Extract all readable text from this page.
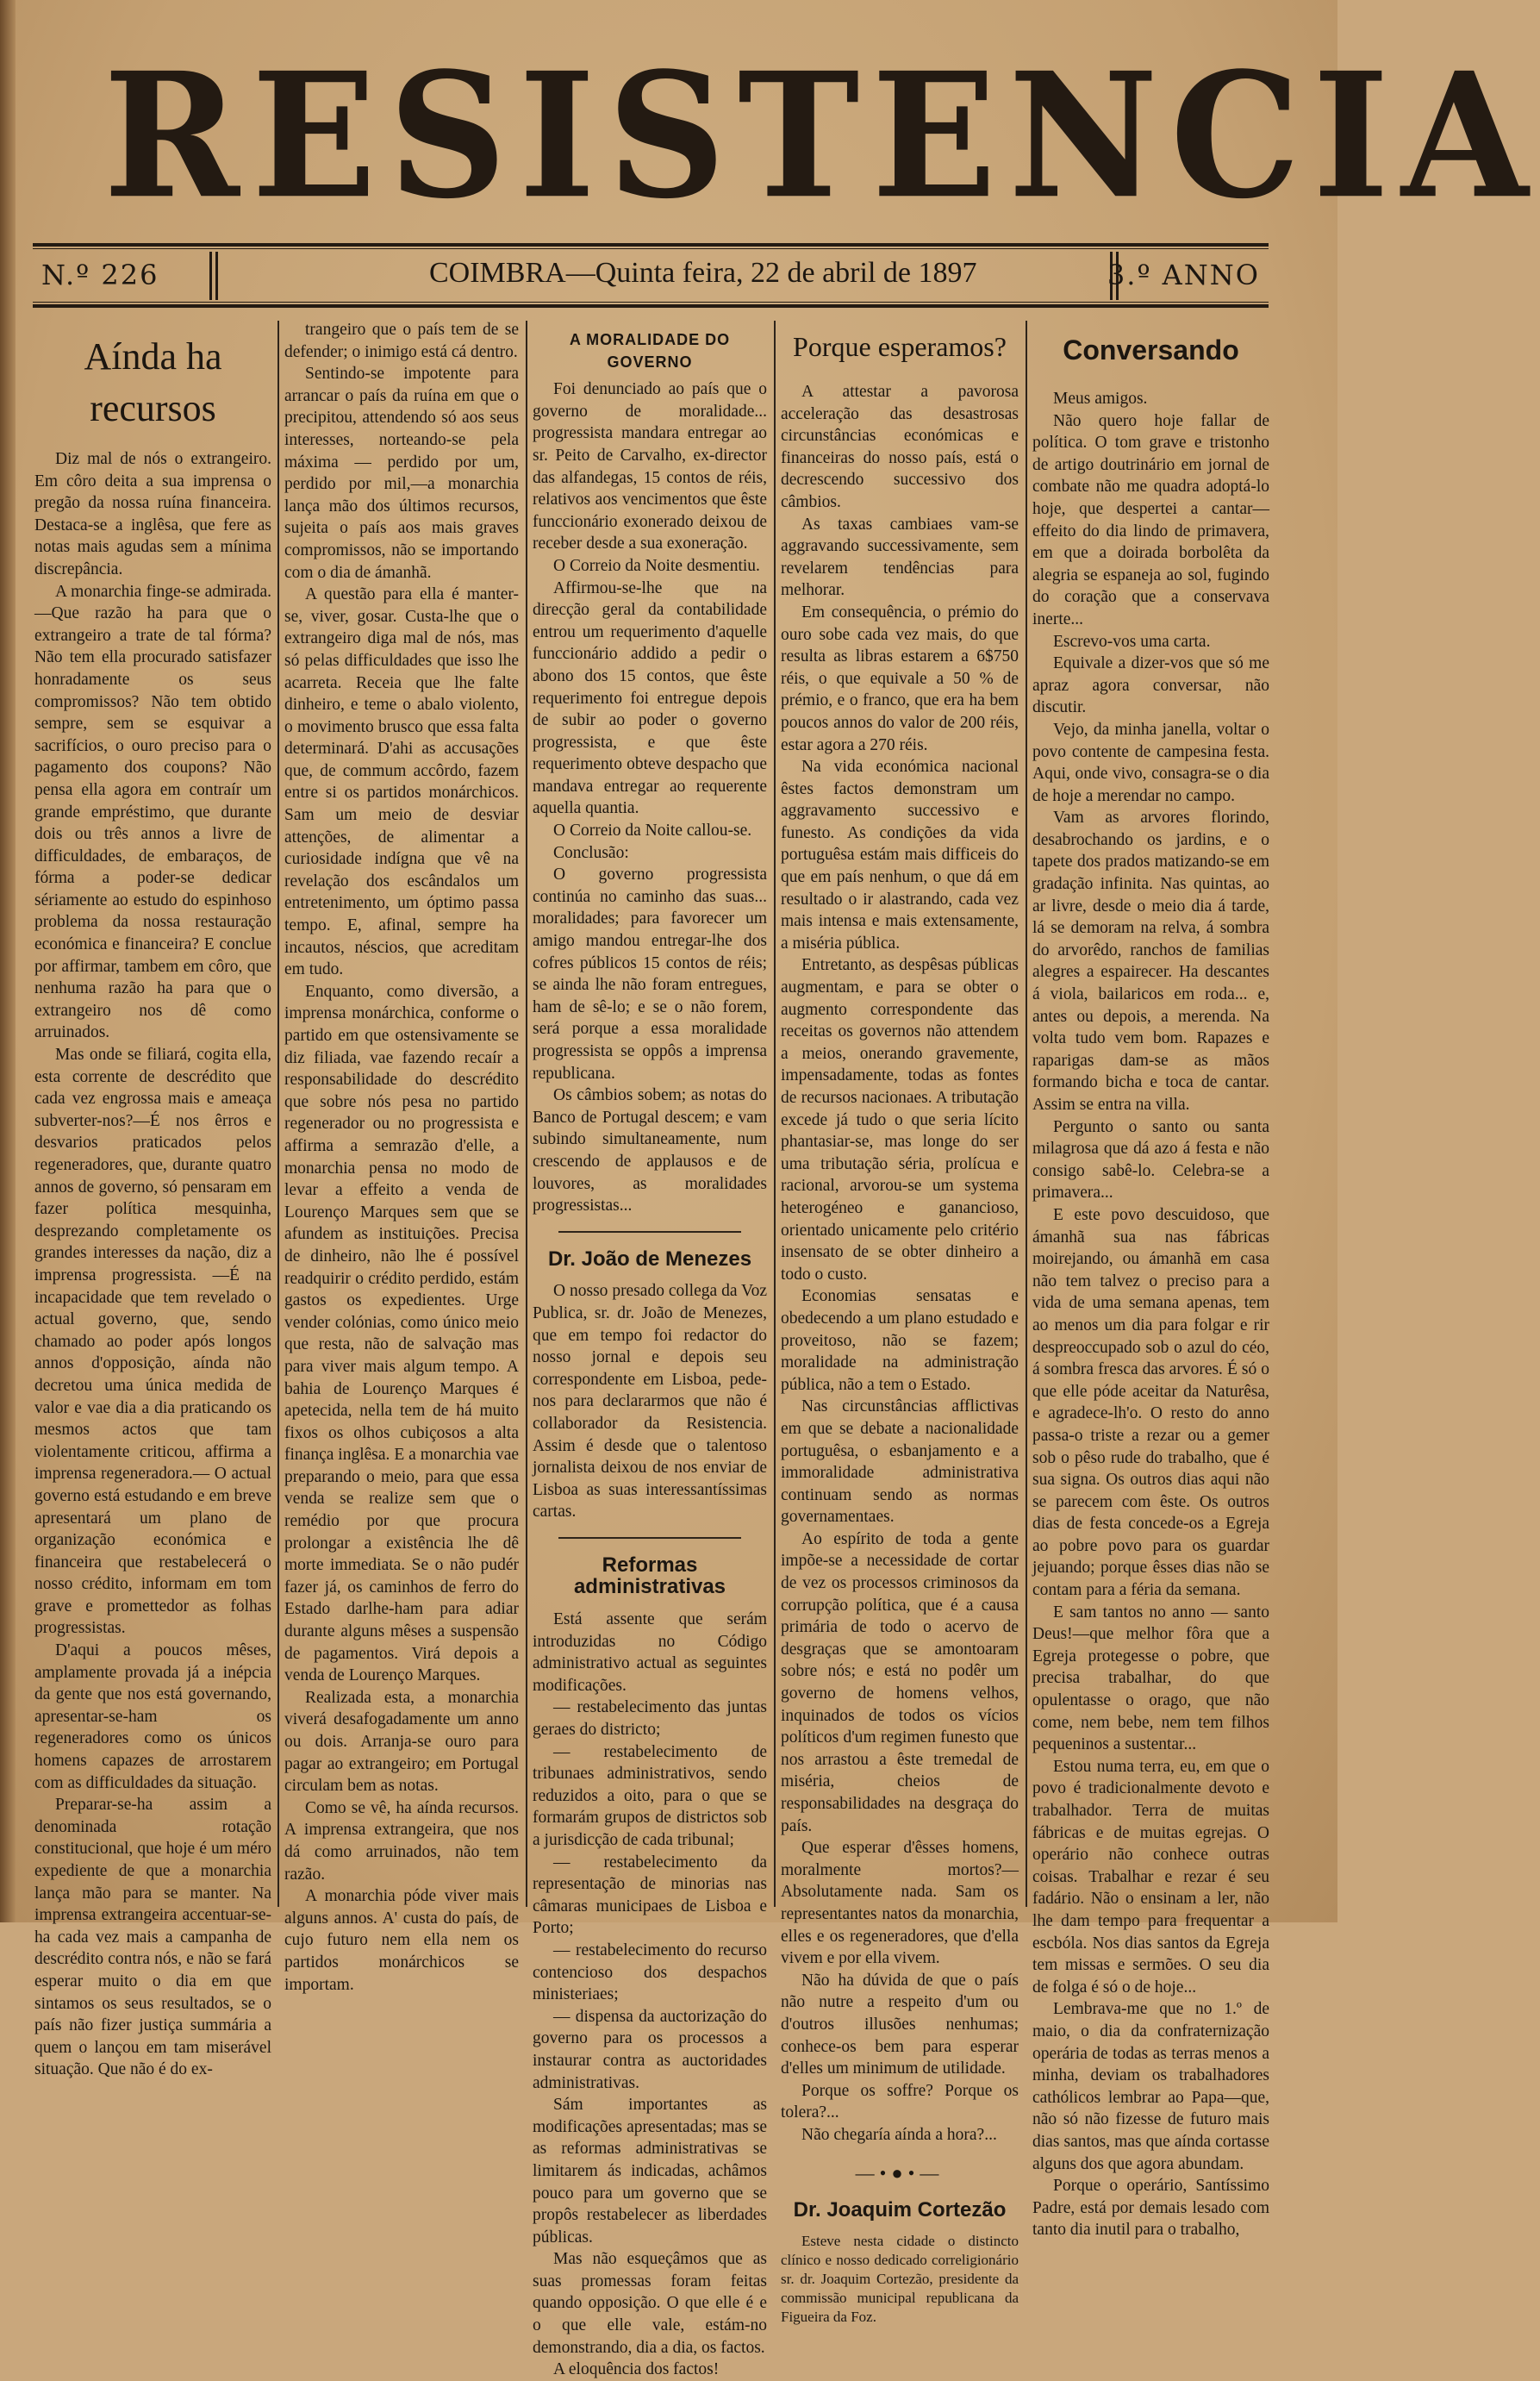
RESISTENCIA
N.º 226	COIMBRA—Quinta feira, 22 de abril de 1897	3.º ANNO
Aínda ha recursos

Diz mal de nós o extrangeiro. Em côro deita a sua imprensa o pregão da nossa ruína financeira. Destaca-se a inglêsa, que fere as notas mais agudas sem a mínima discrepância.

A monarchia finge-se admirada. —Que razão ha para que o extrangeiro a trate de tal fórma? Não tem ella procurado satisfazer honradamente os seus compromissos? Não tem obtido sempre, sem se esquivar a sacrifícios, o ouro preciso para o pagamento dos coupons? Não pensa ella agora em contraír um grande empréstimo, que durante dois ou três annos a livre de difficuldades, de embaraços, de fórma a poder-se dedicar sériamente ao estudo do espinhoso problema da nossa restauração económica e financeira? E conclue por affirmar, tambem em côro, que nenhuma razão ha para que o extrangeiro nos dê como arruinados.

Mas onde se filiará, cogita ella, esta corrente de descrédito que cada vez engrossa mais e ameaça subverter-nos?—É nos êrros e desvarios praticados pelos regeneradores, que, durante quatro annos de governo, só pensaram em fazer política mesquinha, desprezando completamente os grandes interesses da nação, diz a imprensa progressista. —É na incapacidade que tem revelado o actual governo, que, sendo chamado ao poder após longos annos d'opposição, aínda não decretou uma única medida de valor e vae dia a dia praticando os mesmos actos que tam violentamente criticou, affirma a imprensa regeneradora.— O actual governo está estudando e em breve apresentará um plano de organização económica e financeira que restabelecerá o nosso crédito, informam em tom grave e promettedor as folhas progressistas.

D'aqui a poucos mêses, amplamente provada já a inépcia da gente que nos está governando, apresentar-se-ham os regeneradores como os únicos homens capazes de arrostarem com as difficuldades da situação.

Preparar-se-ha assim a denominada rotação constitucional, que hoje é um méro expediente de que a monarchia lança mão para se manter. Na imprensa extrangeira accentuar-se-ha cada vez mais a campanha de descrédito contra nós, e não se fará esperar muito o dia em que sintamos os seus resultados, se o país não fizer justiça summária a quem o lançou em tam miserável situação. Que não é do ex-

trangeiro que o país tem de se defender; o inimigo está cá dentro.

Sentindo-se impotente para arrancar o país da ruína em que o precipitou, attendendo só aos seus interesses, norteando-se pela máxima — perdido por um, perdido por mil,—a monarchia lança mão dos últimos recursos, sujeita o país aos mais graves compromissos, não se importando com o dia de ámanhã.

A questão para ella é manter-se, viver, gosar. Custa-lhe que o extrangeiro diga mal de nós, mas só pelas difficuldades que isso lhe acarreta. Receia que lhe falte dinheiro, e teme o abalo violento, o movimento brusco que essa falta determinará. D'ahi as accusações que, de commum accôrdo, fazem entre si os partidos monárchicos. Sam um meio de desviar attenções, de alimentar a curiosidade indígna que vê na revelação dos escândalos um entretenimento, um óptimo passa tempo. E, afinal, sempre ha incautos, néscios, que acreditam em tudo.

Enquanto, como diversão, a imprensa monárchica, conforme o partido em que ostensivamente se diz filiada, vae fazendo recaír a responsabilidade do descrédito que sobre nós pesa no partido regenerador ou no progressista e affirma a semrazão d'elle, a monarchia pensa no modo de levar a effeito a venda de Lourenço Marques sem que se afundem as instituições. Precisa de dinheiro, não lhe é possível readquirir o crédito perdido, estám gastos os expedientes. Urge vender colónias, como único meio que resta, não de salvação mas para viver mais algum tempo. A bahia de Lourenço Marques é apetecida, nella tem de há muito fixos os olhos cubiçosos a alta finança inglêsa. E a monarchia vae preparando o meio, para que essa venda se realize sem que o remédio por que procura prolongar a existência lhe dê morte immediata. Se o não pudér fazer já, os caminhos de ferro do Estado darlhe-ham para adiar durante alguns mêses a suspensão de pagamentos. Virá depois a venda de Lourenço Marques.

Realizada esta, a monarchia viverá desafogadamente um anno ou dois. Arranja-se ouro para pagar ao extrangeiro; em Portugal circulam bem as notas.

Como se vê, ha aínda recursos. A imprensa extrangeira, que nos dá como arruinados, não tem razão.

A monarchia póde viver mais alguns annos. A' custa do país, de cujo futuro nem ella nem os partidos monárchicos se importam.

A MORALIDADE DO GOVERNO

Foi denunciado ao país que o governo de moralidade... progressista mandara entregar ao sr. Peito de Carvalho, ex-director das alfandegas, 15 contos de réis, relativos aos vencimentos que êste funccionário exonerado deixou de receber desde a sua exoneração.

O Correio da Noite desmentiu.

Affirmou-se-lhe que na direcção geral da contabilidade entrou um requerimento d'aquelle funccionário addido a pedir o abono dos 15 contos, que êste requerimento foi entregue depois de subir ao poder o governo progressista, e que êste requerimento obteve despacho que mandava entregar ao requerente aquella quantia.

O Correio da Noite callou-se.

Conclusão:

O governo progressista continúa no caminho das suas... moralidades; para favorecer um amigo mandou entregar-lhe dos cofres públicos 15 contos de réis; se ainda lhe não foram entregues, ham de sê-lo; e se o não forem, será porque a essa moralidade progressista se oppôs a imprensa republicana.

Os câmbios sobem; as notas do Banco de Portugal descem; e vam subindo simultaneamente, num crescendo de applausos e de louvores, as moralidades progressistas...

Dr. João de Menezes

O nosso presado collega da Voz Publica, sr. dr. João de Menezes, que em tempo foi redactor do nosso jornal e depois seu correspondente em Lisboa, pede-nos para declararmos que não é collaborador da Resistencia. Assim é desde que o talentoso jornalista deixou de nos enviar de Lisboa as suas interessantíssimas cartas.

Reformas administrativas

Está assente que serám introduzidas no Código administrativo actual as seguintes modificações.

— restabelecimento das juntas geraes do districto;

— restabelecimento de tribunaes administrativos, sendo reduzidos a oito, para o que se formarám grupos de districtos sob a jurisdicção de cada tribunal;

— restabelecimento da representação de minorias nas câmaras municipaes de Lisboa e Porto;

— restabelecimento do recurso contencioso dos despachos ministeriaes;

— dispensa da auctorização do governo para os processos a instaurar contra as auctoridades administrativas.

Sám importantes as modificações apresentadas; mas se as reformas administrativas se limitarem ás indicadas, achâmos pouco para um governo que se propôs restabelecer as liberdades públicas.

Mas não esqueçâmos que as suas promessas foram feitas quando opposição. O que elle é e o que elle vale, estám-no demonstrando, dia a dia, os factos.

A eloquência dos factos!

Porque esperamos?

A attestar a pavorosa acceleração das desastrosas circunstâncias económicas e financeiras do nosso país, está o decrescendo successivo dos câmbios.

As taxas cambiaes vam-se aggravando successivamente, sem revelarem tendências para melhorar.

Em consequência, o prémio do ouro sobe cada vez mais, do que resulta as libras estarem a 6$750 réis, o que equivale a 50 % de prémio, e o franco, que era ha bem poucos annos do valor de 200 réis, estar agora a 270 réis.

Na vida económica nacional êstes factos demonstram um aggravamento successivo e funesto. As condições da vida portuguêsa estám mais difficeis do que em país nenhum, o que dá em resultado o ir alastrando, cada vez mais intensa e mais extensamente, a miséria pública.

Entretanto, as despêsas públicas augmentam, e para se obter o augmento correspondente das receitas os governos não attendem a meios, onerando gravemente, impensadamente, todas as fontes de recursos nacionaes. A tributação excede já tudo o que seria lícito phantasiar-se, mas longe do ser uma tributação séria, prolícua e racional, arvorou-se um systema heterogéneo e ganancioso, orientado unicamente pelo critério insensato de se obter dinheiro a todo o custo.

Economias sensatas e obedecendo a um plano estudado e proveitoso, não se fazem; moralidade na administração pública, não a tem o Estado.

Nas circunstâncias afflictivas em que se debate a nacionalidade portuguêsa, o esbanjamento e a immoralidade administrativa continuam sendo as normas governamentaes.

Ao espírito de toda a gente impõe-se a necessidade de cortar de vez os processos criminosos da corrupção política, que é a causa primária de todo o acervo de desgraças que se amontoaram sobre nós; e está no podêr um governo de homens velhos, inquinados de todos os vícios políticos d'um regimen funesto que nos arrastou a êste tremedal de miséria, cheios de responsabilidades na desgraça do país.

Que esperar d'êsses homens, moralmente mortos?—Absolutamente nada. Sam os representantes natos da monarchia, elles e os regeneradores, que d'ella vivem e por ella vivem.

Não ha dúvida de que o país não nutre a respeito d'um ou d'outros illusões nenhumas; conhece-os bem para esperar d'elles um minimum de utilidade.

Porque os soffre? Porque os tolera?...

Não chegaría aínda a hora?...

—•●•—
Dr. Joaquim Cortezão

Esteve nesta cidade o distincto clínico e nosso dedicado correligionário sr. dr. Joaquim Cortezão, presidente da commissão municipal republicana da Figueira da Foz.

Conversando

Meus amigos.

Não quero hoje fallar de política. O tom grave e tristonho de artigo doutrinário em jornal de combate não me quadra adoptá-lo hoje, que despertei a cantar—effeito do dia lindo de primavera, em que a doirada borbolêta da alegria se espaneja ao sol, fugindo do coração que a conservava inerte...

Escrevo-vos uma carta.

Equivale a dizer-vos que só me apraz agora conversar, não discutir.

Vejo, da minha janella, voltar o povo contente de campesina festa. Aqui, onde vivo, consagra-se o dia de hoje a merendar no campo.

Vam as arvores florindo, desabrochando os jardins, e o tapete dos prados matizando-se em gradação infinita. Nas quintas, ao ar livre, desde o meio dia á tarde, lá se demoram na relva, á sombra do arvorêdo, ranchos de familias alegres a espairecer. Ha descantes á viola, bailaricos em roda... e, antes ou depois, a merenda. Na volta tudo vem bom. Rapazes e raparigas dam-se as mãos formando bicha e toca de cantar. Assim se entra na villa.

Pergunto o santo ou santa milagrosa que dá azo á festa e não consigo sabê-lo. Celebra-se a primavera...

E este povo descuidoso, que ámanhã sua nas fábricas moirejando, ou ámanhã em casa não tem talvez o preciso para a vida de uma semana apenas, tem ao menos um dia para folgar e rir despreoccupado sob o azul do céo, á sombra fresca das arvores. É só o que elle póde aceitar da Naturêsa, e agradece-lh'o. O resto do anno passa-o triste a rezar ou a gemer sob o pêso rude do trabalho, que é sua signa. Os outros dias aqui não se parecem com êste. Os outros dias de festa concede-os a Egreja ao pobre povo para os guardar jejuando; porque êsses dias não se contam para a féria da semana.

E sam tantos no anno — santo Deus!—que melhor fôra que a Egreja protegesse o pobre, que precisa trabalhar, do que opulentasse o orago, que não come, nem bebe, nem tem filhos pequeninos a sustentar...

Estou numa terra, eu, em que o povo é tradicionalmente devoto e trabalhador. Terra de muitas fábricas e de muitas egrejas. O operário não conhece outras coisas. Trabalhar e rezar é seu fadário. Não o ensinam a ler, não lhe dam tempo para frequentar a escbóla. Nos dias santos da Egreja tem missas e sermões. O seu dia de folga é só o de hoje...

Lembrava-me que no 1.º de maio, o dia da confraternização operária de todas as terras menos a minha, deviam os trabalhadores cathólicos lembrar ao Papa—que, não só não fizesse de futuro mais dias santos, mas que aínda cortasse alguns dos que agora abundam.

Porque o operário, Santíssimo Padre, está por demais lesado com tanto dia inutil para o trabalho,
